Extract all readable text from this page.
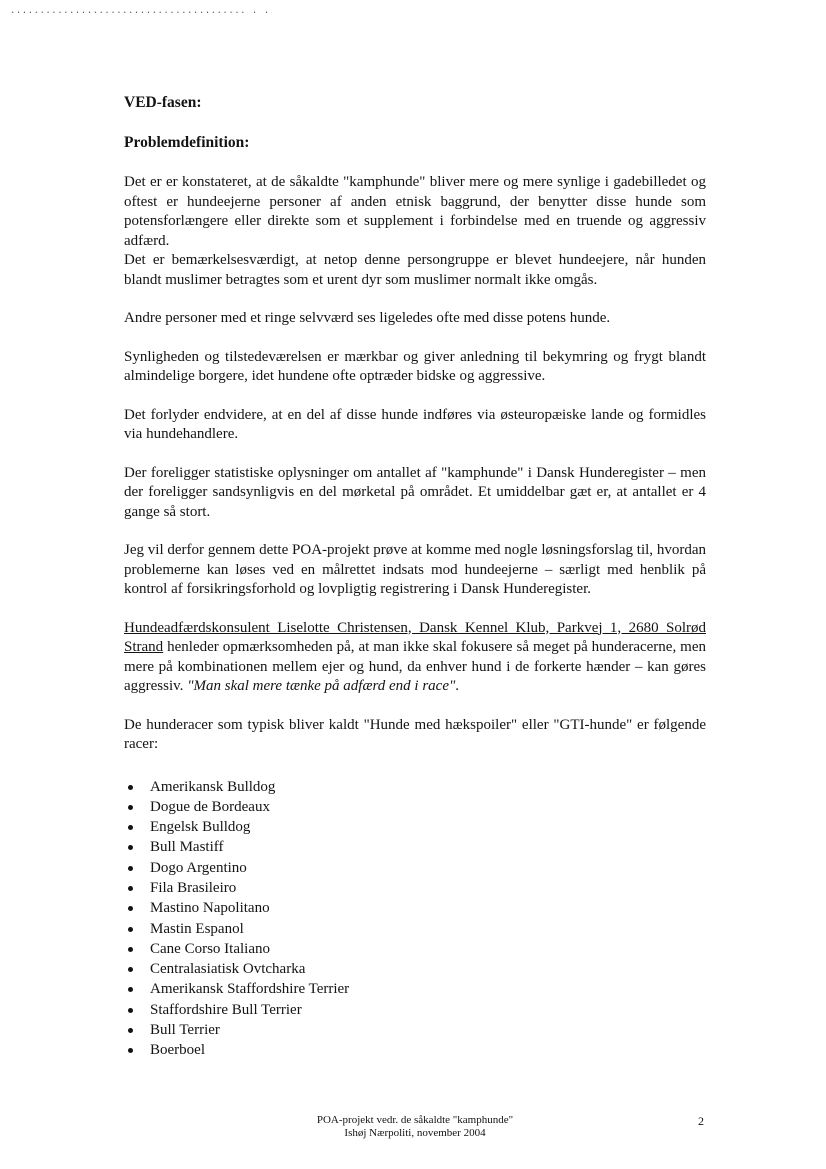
........................................ . .
VED-fasen:
Problemdefinition:

Det er er konstateret, at de såkaldte "kamphunde" bliver mere og mere synlige i gadebilledet og oftest er hundeejerne personer af anden etnisk baggrund, der benytter disse hunde som potensforlængere eller direkte som et supplement i forbindelse med en truende og aggressiv adfærd.

Det er bemærkelsesværdigt, at netop denne persongruppe er blevet hundeejere, når hunden blandt muslimer betragtes som et urent dyr som muslimer normalt ikke omgås.

Andre personer med et ringe selvværd ses ligeledes ofte med disse potens hunde.

Synligheden og tilstedeværelsen er mærkbar og giver anledning til bekymring og frygt blandt almindelige borgere, idet hundene ofte optræder bidske og aggressive.

Det forlyder endvidere, at en del af disse hunde indføres via østeuropæiske lande og formidles via hundehandlere.

Der foreligger statistiske oplysninger om antallet af "kamphunde" i Dansk Hunderegister – men der foreligger sandsynligvis en del mørketal på området. Et umiddelbar gæt er, at antallet er 4 gange så stort.

Jeg vil derfor gennem dette POA-projekt prøve at komme med nogle løsningsforslag til, hvordan problemerne kan løses ved en målrettet indsats mod hundeejerne – særligt med henblik på kontrol af forsikringsforhold og lovpligtig registrering i Dansk Hunderegister.

Hundeadfærdskonsulent Liselotte Christensen, Dansk Kennel Klub, Parkvej 1, 2680 Solrød Strand henleder opmærksomheden på, at man ikke skal fokusere så meget på hunderacerne, men mere på kombinationen mellem ejer og hund, da enhver hund i de forkerte hænder – kan gøres aggressiv. "Man skal mere tænke på adfærd end i race".

De hunderacer som typisk bliver kaldt "Hunde med hækspoiler" eller "GTI-hunde" er følgende racer:

Amerikansk Bulldog
Dogue de Bordeaux
Engelsk Bulldog
Bull Mastiff
Dogo Argentino
Fila Brasileiro
Mastino Napolitano
Mastin Espanol
Cane Corso Italiano
Centralasiatisk Ovtcharka
Amerikansk Staffordshire Terrier
Staffordshire Bull Terrier
Bull Terrier
Boerboel
POA-projekt vedr. de såkaldte "kamphunde"
Ishøj Nærpoliti, november 2004
2
